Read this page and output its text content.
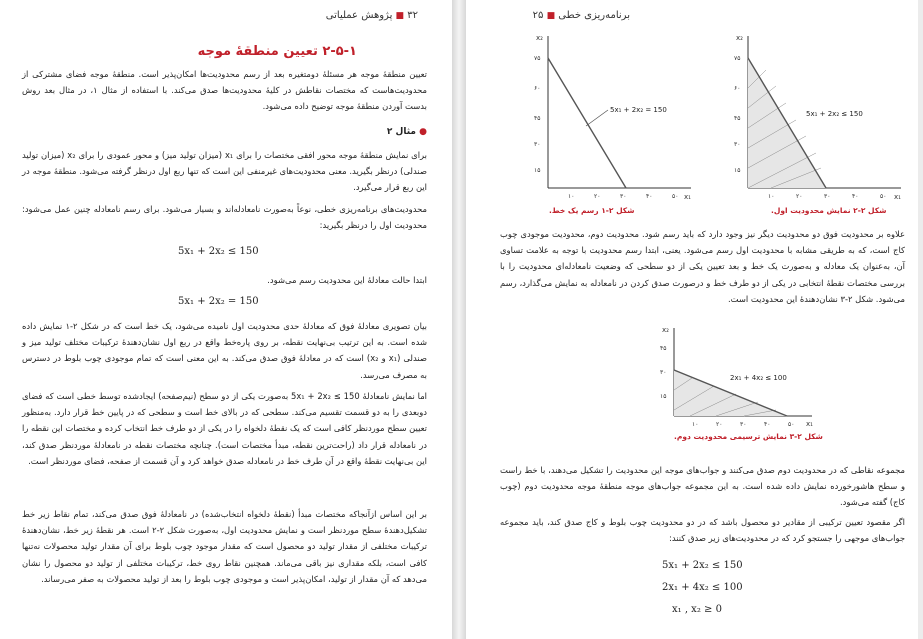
۳۲ ■ پژوهش عملیاتی
۲-۵-۱ تعیین منطقهٔ موجه
تعیین منطقهٔ موجه هر مسئلهٔ دومتغیره بعد از رسم محدودیت‌ها امکان‌پذیر است. منطقهٔ موجه فضای مشترکی از محدودیت‌هاست که مختصات نقاطش در کلیهٔ محدودیت‌ها صدق می‌کند. با استفاده از مثال ۱، در مثال بعد روش بدست آوردن منطقهٔ موجه توضیح داده می‌شود.
● مثال ۲
برای نمایش منطقهٔ موجه محور افقی مختصات را برای x₁ (میزان تولید میز) و محور عمودی را برای x₂ (میزان تولید صندلی) درنظر بگیرید. معنی محدودیت‌های غیرمنفی این است که تنها ربع اول درنظر گرفته می‌شود. منطقهٔ موجه در این ربع قرار می‌گیرد.
محدودیت‌های برنامه‌ریزی خطی، نوعاً به‌صورت نامعادله‌اند و بسیار می‌شود. برای رسم نامعادله چنین عمل می‌شود: محدودیت اول را درنظر بگیرید:
5x₁ + 2x₂ ≤ 150
ابتدا حالت معادلهٔ این محدودیت رسم می‌شود.
5x₁ + 2x₂ = 150
بیان تصویری معادلهٔ فوق که معادلهٔ حدی محدودیت اول نامیده می‌شود، یک خط است که در شکل ۲-۱ نمایش داده شده است. به این ترتیب بی‌نهایت نقطه، بر روی پاره‌خط واقع در ربع اول نشان‌دهندهٔ ترکیبات مختلف تولید میز و صندلی (x₁ و x₂) است که در معادلهٔ فوق صدق می‌کند. به این معنی است که تمام موجودی چوب بلوط در دسترس به مصرف می‌رسد.
اما نمایش نامعادلهٔ 5x₁ + 2x₂ ≤ 150 به‌صورت یکی از دو سطح (نیم‌صفحه) ایجادشده توسط خطی است که فضای دوبعدی را به دو قسمت تقسیم می‌کند. سطحی که در بالای خط است و سطحی که در پایین خط قرار دارد. به‌منظور تعیین سطح موردنظر کافی است که یک نقطهٔ دلخواه را در یکی از دو طرف خط انتخاب کرده و مختصات این نقطه را در نامعادله قرار داد (راحت‌ترین نقطه، مبدأ مختصات است). چنانچه مختصات نقطه در نامعادلهٔ موردنظر صدق کند، این بی‌نهایت نقطهٔ واقع در آن طرف خط در نامعادله صدق خواهد کرد و آن قسمت از صفحه، فضای موردنظر است.
بر این اساس ازآنجاکه مختصات مبدأ (نقطهٔ دلخواه انتخاب‌شده) در نامعادلهٔ فوق صدق می‌کند، تمام نقاط زیر خط تشکیل‌دهندهٔ سطح موردنظر است و نمایش محدودیت اول، به‌صورت شکل ۲-۲ است. هر نقطهٔ زیر خط، نشان‌دهندهٔ ترکیبات مختلفی از مقدار تولید دو محصول است که مقدار موجود چوب بلوط برای آن مقدار تولید محصولات نه‌تنها کافی است، بلکه مقداری نیز باقی می‌ماند. همچنین نقاط روی خط، ترکیبات مختلفی از تولید دو محصول را نشان می‌دهد که آن مقدار از تولید، امکان‌پذیر است و موجودی چوب بلوط را بعد از تولید محصولات به صفر می‌رساند.
برنامه‌ریزی خطی ■ ۲۵
x₂
x₁
۷۵
۶۰
۴۵
۳۰
۱۵
۱۰	۲۰	۳۰	۴۰	۵۰
5x₁ + 2x₂ = 150
شکل ۲-۱ رسم یک خط.
x₂
x₁
۷۵
۶۰
۴۵
۳۰
۱۵
۱۰	۲۰	۳۰	۴۰	۵۰
5x₁ + 2x₂ ≤ 150
شکل ۲-۲ نمایش محدودیت اول.
علاوه بر محدودیت فوق دو محدودیت دیگر نیز وجود دارد که باید رسم شود. محدودیت دوم، محدودیت موجودی چوب کاج است، که به طریقی مشابه با محدودیت اول رسم می‌شود. یعنی، ابتدا رسم محدودیت با توجه به علامت تساوی آن، به‌عنوان یک معادله و به‌صورت یک خط و بعد تعیین یکی از دو سطحی که وضعیت نامعادله‌ای محدودیت را با بررسی مختصات نقطهٔ انتخابی در یکی از دو طرف خط و درصورت صدق کردن در نامعادله به نمایش می‌گذارد، رسم می‌شود. شکل ۲-۳ نشان‌دهندهٔ این محدودیت است.
x₂
x₁
۴۵
۳۰
۱۵
۱۰	۲۰	۳۰	۴۰	۵۰
2x₁ + 4x₂ ≤ 100
شکل ۲-۳ نمایش ترسیمی محدودیت دوم.
مجموعه نقاطی که در محدودیت دوم صدق می‌کنند و جواب‌های موجه این محدودیت را تشکیل می‌دهند، با خط راست و سطح هاشورخورده نمایش داده شده است. به این مجموعه جواب‌های موجه منطقهٔ موجه محدودیت دوم (چوب کاج) گفته می‌شود.
اگر مقصود تعیین ترکیبی از مقادیر دو محصول باشد که در دو محدودیت چوب بلوط و کاج صدق کند، باید مجموعه جواب‌های موجهی را جستجو کرد که در محدودیت‌های زیر صدق کنند:
5x₁ + 2x₂ ≤ 150
2x₁ + 4x₂ ≤ 100
x₁ , x₂ ≥ 0
